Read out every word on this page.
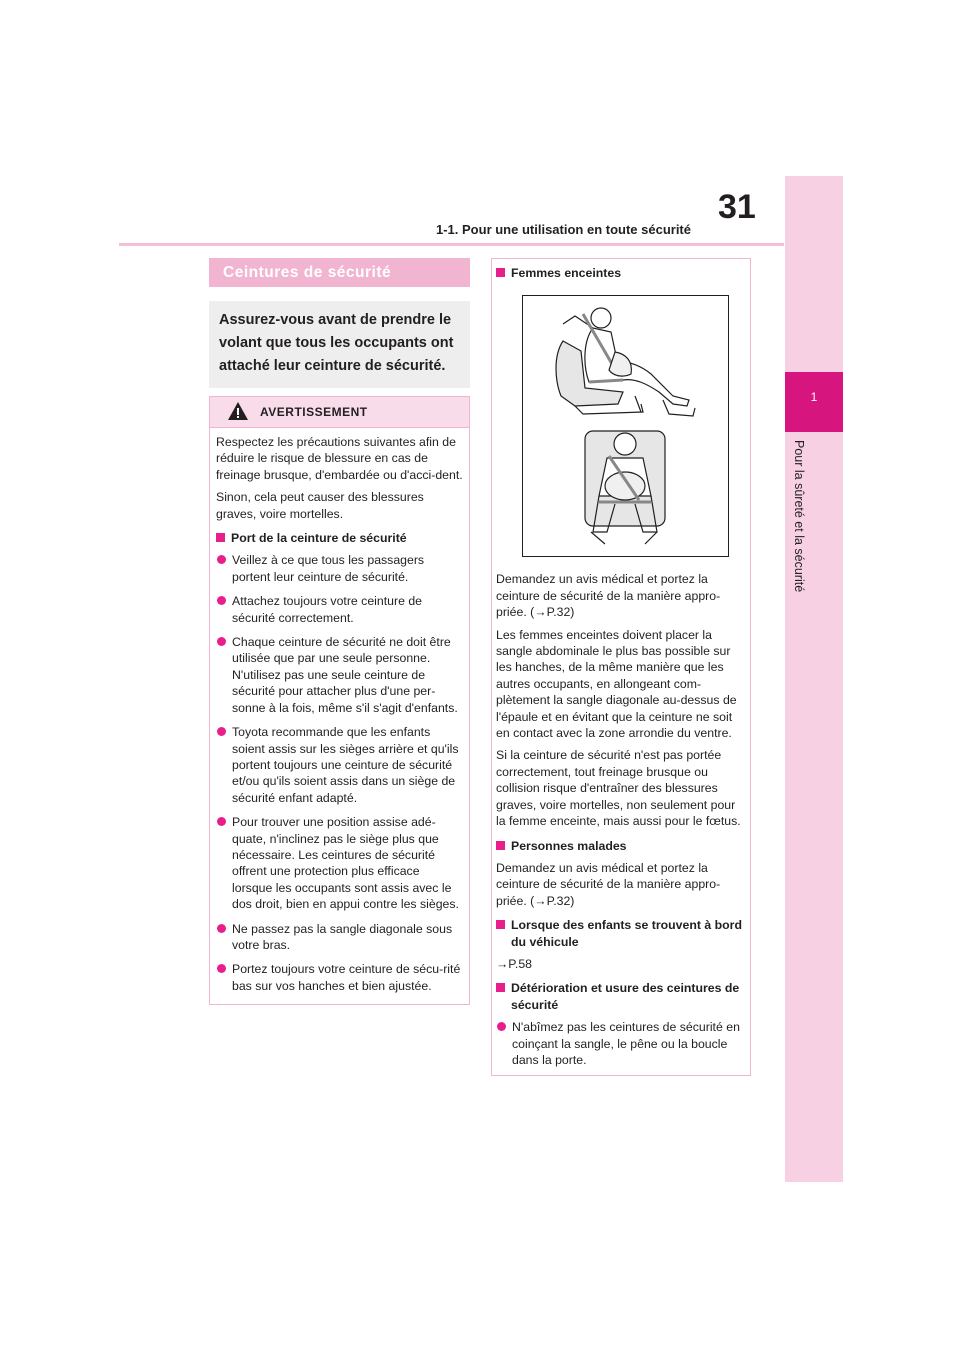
31
1-1. Pour une utilisation en toute sécurité
1
Pour la sûreté et la sécurité
Ceintures de sécurité
Assurez-vous avant de prendre le volant que tous les occupants ont attaché leur ceinture de sécurité.
AVERTISSEMENT

Respectez les précautions suivantes afin de réduire le risque de blessure en cas de freinage brusque, d'embardée ou d'acci-dent.

Sinon, cela peut causer des blessures graves, voire mortelles.

Port de la ceinture de sécurité
Veillez à ce que tous les passagers portent leur ceinture de sécurité.
Attachez toujours votre ceinture de sécurité correctement.
Chaque ceinture de sécurité ne doit être utilisée que par une seule personne. N'utilisez pas une seule ceinture de sécurité pour attacher plus d'une per-sonne à la fois, même s'il s'agit d'enfants.
Toyota recommande que les enfants soient assis sur les sièges arrière et qu'ils portent toujours une ceinture de sécurité et/ou qu'ils soient assis dans un siège de sécurité enfant adapté.
Pour trouver une position assise adé-quate, n'inclinez pas le siège plus que nécessaire. Les ceintures de sécurité offrent une protection plus efficace lorsque les occupants sont assis avec le dos droit, bien en appui contre les sièges.
Ne passez pas la sangle diagonale sous votre bras.
Portez toujours votre ceinture de sécu-rité bas sur vos hanches et bien ajustée.
Femmes enceintes

Demandez un avis médical et portez la ceinture de sécurité de la manière appro-priée. (→P.32)

Les femmes enceintes doivent placer la sangle abdominale le plus bas possible sur les hanches, de la même manière que les autres occupants, en allongeant com-plètement la sangle diagonale au-dessus de l'épaule et en évitant que la ceinture ne soit en contact avec la zone arrondie du ventre.

Si la ceinture de sécurité n'est pas portée correctement, tout freinage brusque ou collision risque d'entraîner des blessures graves, voire mortelles, non seulement pour la femme enceinte, mais aussi pour le fœtus.

Personnes malades

Demandez un avis médical et portez la ceinture de sécurité de la manière appro-priée. (→P.32)

Lorsque des enfants se trouvent à bord du véhicule

→P.58

Détérioration et usure des ceintures de sécurité
N'abîmez pas les ceintures de sécurité en coinçant la sangle, le pêne ou la boucle dans la porte.
